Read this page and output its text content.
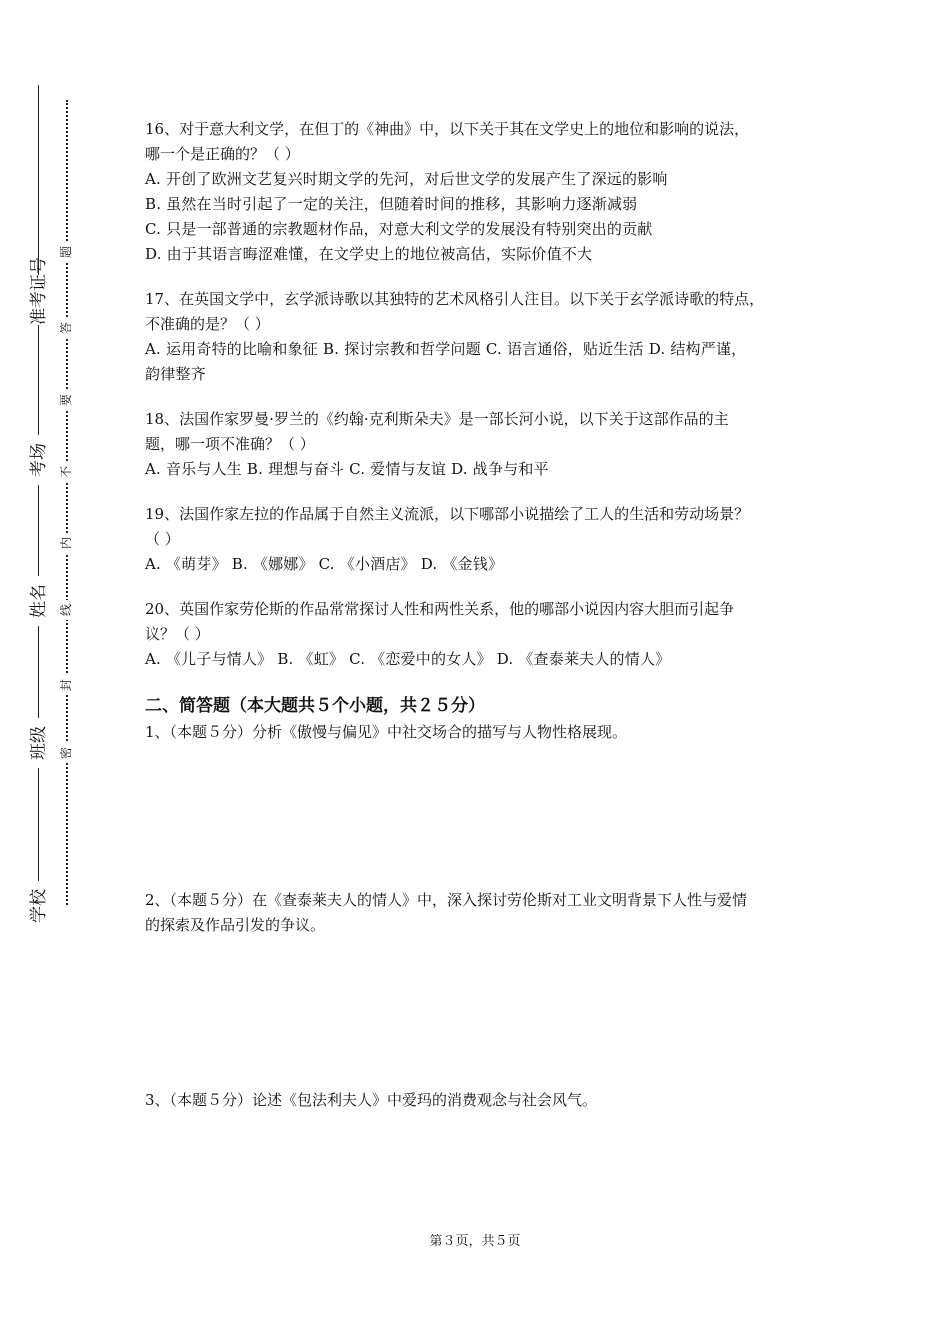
准考证号
考场
姓名
班级
学校
密
封
线
内
不
要
答
题

16、对于意大利文学，在但丁的《神曲》中，以下关于其在文学史上的地位和影响的说法，

哪一个是正确的？（ ）

A. 开创了欧洲文艺复兴时期文学的先河，对后世文学的发展产生了深远的影响

B. 虽然在当时引起了一定的关注，但随着时间的推移，其影响力逐渐减弱

C. 只是一部普通的宗教题材作品，对意大利文学的发展没有特别突出的贡献

D. 由于其语言晦涩难懂，在文学史上的地位被高估，实际价值不大

17、在英国文学中，玄学派诗歌以其独特的艺术风格引人注目。以下关于玄学派诗歌的特点，

不准确的是？（ ）

A. 运用奇特的比喻和象征 B. 探讨宗教和哲学问题 C. 语言通俗，贴近生活 D. 结构严谨，

韵律整齐

18、法国作家罗曼·罗兰的《约翰·克利斯朵夫》是一部长河小说，以下关于这部作品的主

题，哪一项不准确？（ ）

A. 音乐与人生 B. 理想与奋斗 C. 爱情与友谊 D. 战争与和平

19、法国作家左拉的作品属于自然主义流派，以下哪部小说描绘了工人的生活和劳动场景？

（ ）

A. 《萌芽》 B. 《娜娜》 C. 《小酒店》 D. 《金钱》

20、英国作家劳伦斯的作品常常探讨人性和两性关系，他的哪部小说因内容大胆而引起争

议？（ ）

A. 《儿子与情人》 B. 《虹》 C. 《恋爱中的女人》 D. 《查泰莱夫人的情人》

二、简答题（本大题共５个小题，共２５分）

1、（本题５分）分析《傲慢与偏见》中社交场合的描写与人物性格展现。

2、（本题５分）在《查泰莱夫人的情人》中，深入探讨劳伦斯对工业文明背景下人性与爱情

的探索及作品引发的争议。

3、（本题５分）论述《包法利夫人》中爱玛的消费观念与社会风气。

第３页，共５页
